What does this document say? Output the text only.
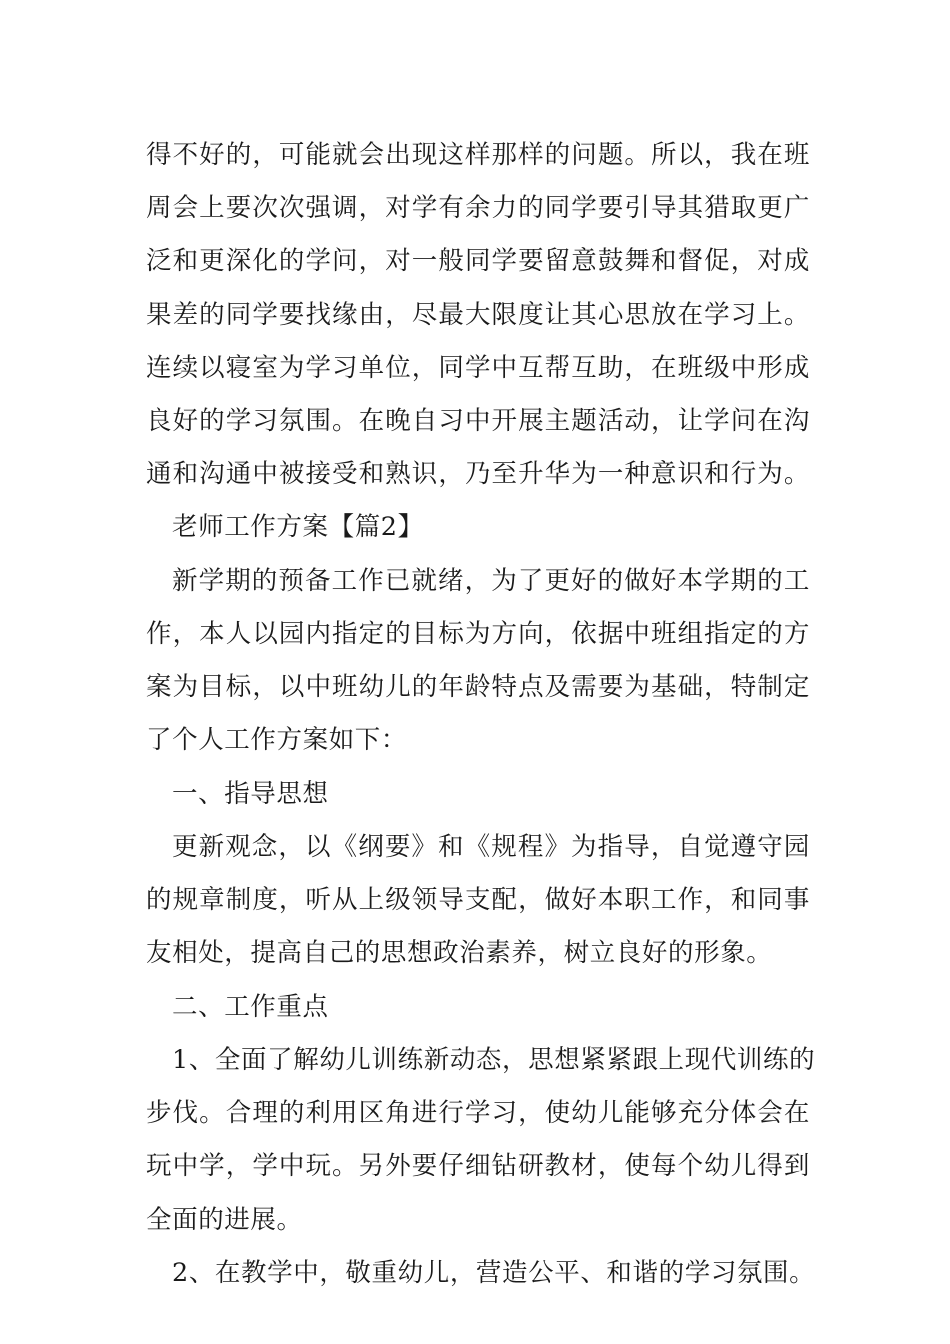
得不好的，可能就会出现这样那样的问题。所以，我在班
周会上要次次强调，对学有余力的同学要引导其猎取更广
泛和更深化的学问，对一般同学要留意鼓舞和督促，对成
果差的同学要找缘由，尽最大限度让其心思放在学习上。
连续以寝室为学习单位，同学中互帮互助，在班级中形成
良好的学习氛围。在晚自习中开展主题活动，让学问在沟
通和沟通中被接受和熟识，乃至升华为一种意识和行为。
老师工作方案【篇2】
新学期的预备工作已就绪，为了更好的做好本学期的工
作，本人以园内指定的目标为方向，依据中班组指定的方
案为目标，以中班幼儿的年龄特点及需要为基础，特制定
了个人工作方案如下：
一、指导思想
更新观念，以《纲要》和《规程》为指导，自觉遵守园
的规章制度，听从上级领导支配，做好本职工作，和同事
友相处，提高自己的思想政治素养，树立良好的形象。
二、工作重点
1、全面了解幼儿训练新动态，思想紧紧跟上现代训练的
步伐。合理的利用区角进行学习，使幼儿能够充分体会在
玩中学，学中玩。另外要仔细钻研教材，使每个幼儿得到
全面的进展。
2、在教学中，敬重幼儿，营造公平、和谐的学习氛围。
